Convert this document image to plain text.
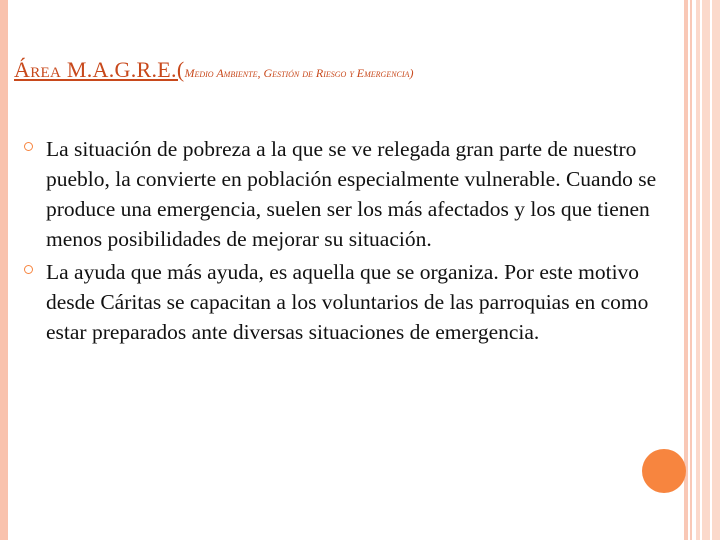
Área M.A.G.R.E.(Medio Ambiente, Gestión de Riesgo y Emergencia)
La situación de pobreza a la que se ve relegada gran parte de nuestro pueblo, la convierte en población especialmente vulnerable. Cuando se produce una emergencia, suelen ser los más afectados y los que tienen menos posibilidades de mejorar su situación.
La ayuda que más ayuda, es aquella que se organiza. Por este motivo desde Cáritas se capacitan a los voluntarios de las parroquias en como estar preparados ante diversas situaciones de emergencia.
